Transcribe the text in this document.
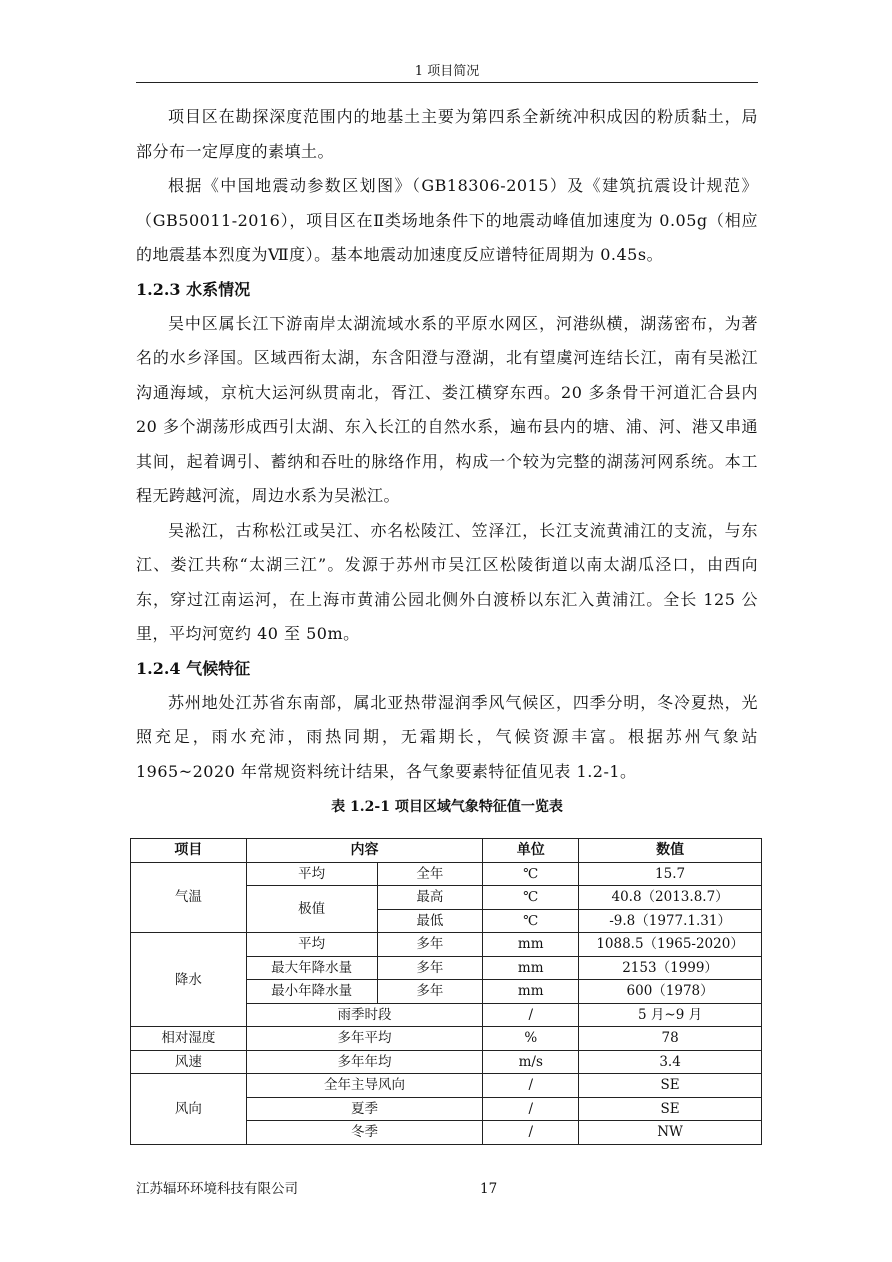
1 项目简况

项目区在勘探深度范围内的地基土主要为第四系全新统冲积成因的粉质黏土，局部分布一定厚度的素填土。

根据《中国地震动参数区划图》（GB18306-2015）及《建筑抗震设计规范》（GB50011-2016），项目区在Ⅱ类场地条件下的地震动峰值加速度为 0.05g（相应的地震基本烈度为Ⅶ度）。基本地震动加速度反应谱特征周期为 0.45s。

1.2.3 水系情况

吴中区属长江下游南岸太湖流域水系的平原水网区，河港纵横，湖荡密布，为著名的水乡泽国。区域西衔太湖，东含阳澄与澄湖，北有望虞河连结长江，南有吴淞江沟通海域，京杭大运河纵贯南北，胥江、娄江横穿东西。20 多条骨干河道汇合县内 20 多个湖荡形成西引太湖、东入长江的自然水系，遍布县内的塘、浦、河、港又串通其间，起着调引、蓄纳和吞吐的脉络作用，构成一个较为完整的湖荡河网系统。本工程无跨越河流，周边水系为吴淞江。

吴淞江，古称松江或吴江、亦名松陵江、笠泽江，长江支流黄浦江的支流，与东江、娄江共称“太湖三江”。发源于苏州市吴江区松陵街道以南太湖瓜泾口，由西向东，穿过江南运河，在上海市黄浦公园北侧外白渡桥以东汇入黄浦江。全长 125 公里，平均河宽约 40 至 50m。

1.2.4 气候特征

苏州地处江苏省东南部，属北亚热带湿润季风气候区，四季分明，冬冷夏热，光照充足，雨水充沛，雨热同期，无霜期长，气候资源丰富。根据苏州气象站 1965~2020 年常规资料统计结果，各气象要素特征值见表 1.2-1。

表 1.2-1 项目区域气象特征值一览表
项目	内容		单位	数值
气温	平均	全年	℃	15.7
	极值	最高	℃	40.8（2013.8.7）
		最低	℃	-9.8（1977.1.31）
降水	平均	多年	mm	1088.5（1965-2020）
	最大年降水量	多年	mm	2153（1999）
	最小年降水量	多年	mm	600（1978）
	雨季时段		/	5 月~9 月
相对湿度	多年平均		%	78
风速	多年年均		m/s	3.4
风向	全年主导风向		/	SE
	夏季		/	SE
	冬季		/	NW
江苏辐环环境科技有限公司	17
